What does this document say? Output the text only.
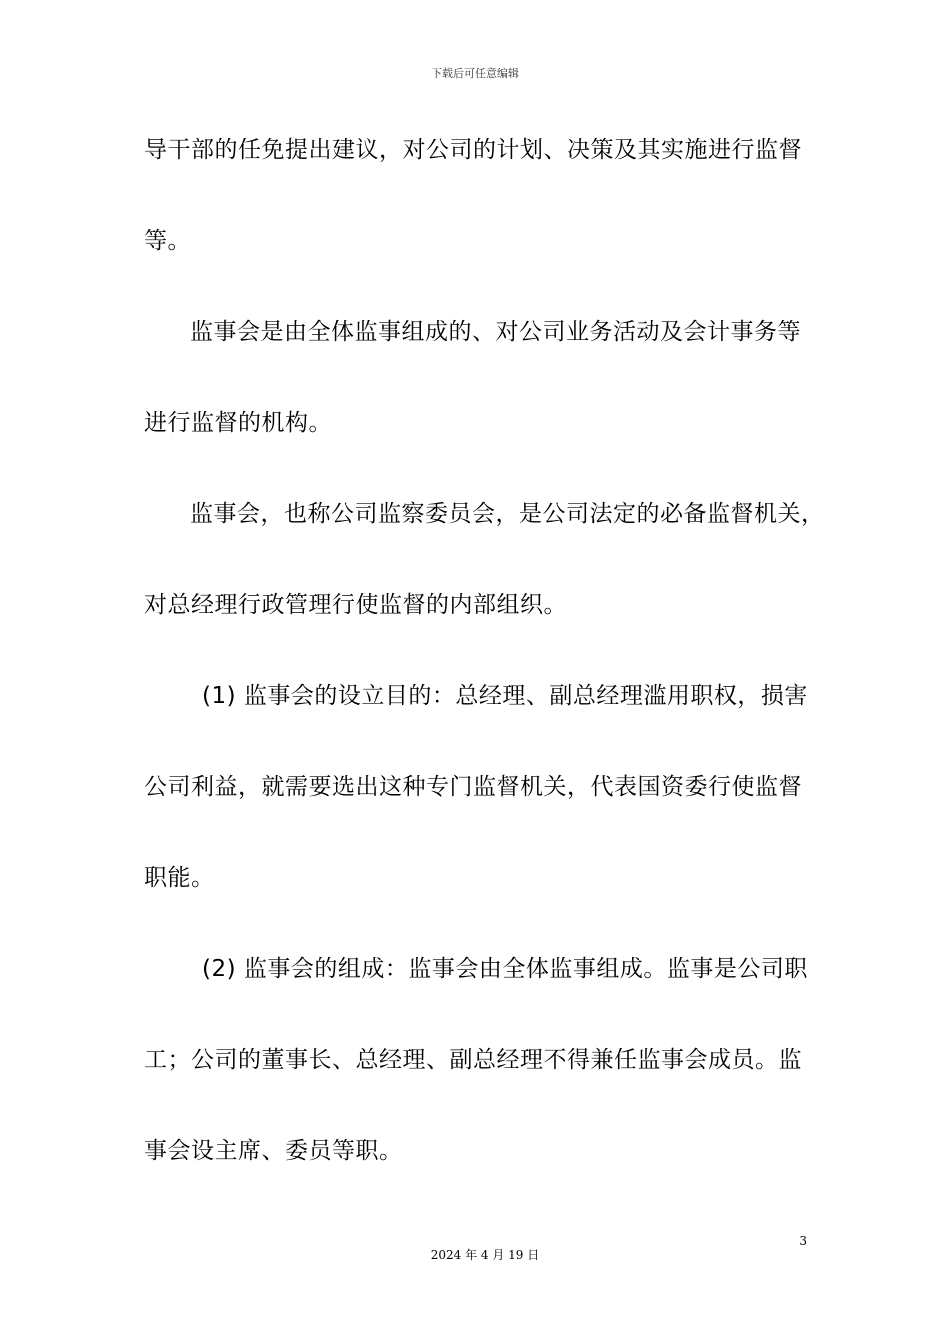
下载后可任意编辑
导干部的任免提出建议，对公司的计划、决策及其实施进行监督
等。
监事会是由全体监事组成的、对公司业务活动及会计事务等
进行监督的机构。
监事会，也称公司监察委员会，是公司法定的必备监督机关，
对总经理行政管理行使监督的内部组织。
(1) 监事会的设立目的：总经理、副总经理滥用职权，损害
公司利益，就需要选出这种专门监督机关，代表国资委行使监督
职能。
(2) 监事会的组成：监事会由全体监事组成。监事是公司职
工；公司的董事长、总经理、副总经理不得兼任监事会成员。监
事会设主席、委员等职。
3
2024 年 4 月 19 日
